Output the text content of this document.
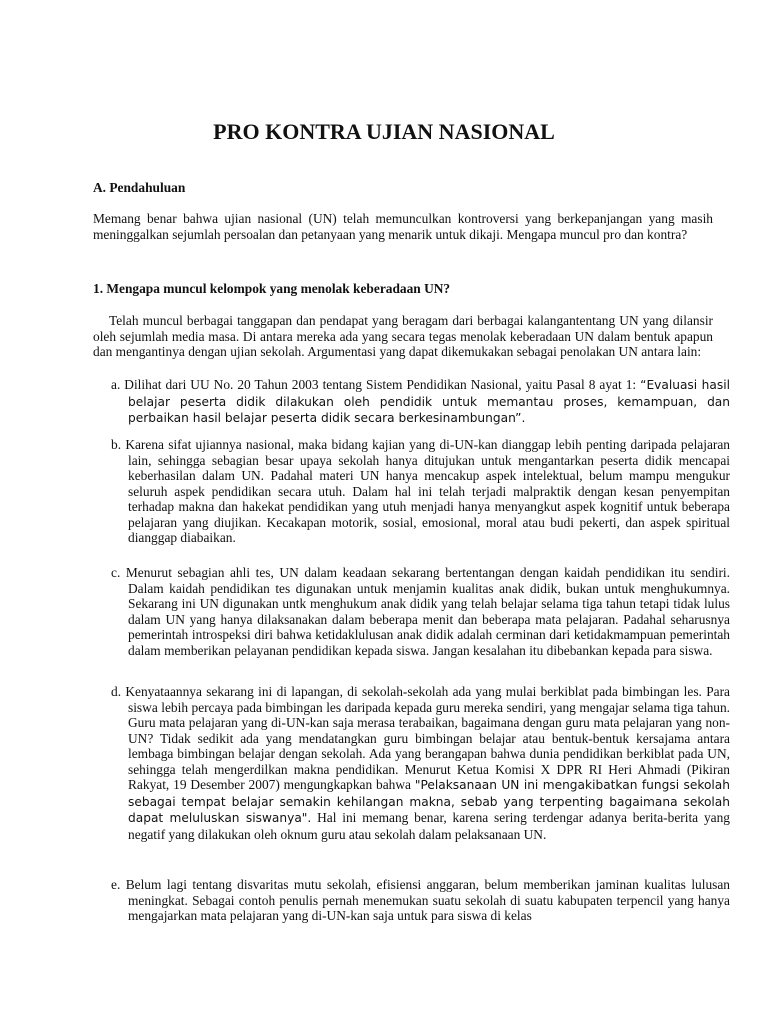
PRO KONTRA UJIAN NASIONAL
A. Pendahuluan
Memang benar bahwa ujian nasional (UN) telah memunculkan kontroversi yang berkepanjangan yang masih meninggalkan sejumlah persoalan dan petanyaan yang menarik untuk dikaji. Mengapa muncul pro dan kontra?
1. Mengapa muncul kelompok yang menolak keberadaan UN?
Telah muncul berbagai tanggapan dan pendapat yang beragam dari berbagai kalangantentang UN yang dilansir oleh sejumlah media masa. Di antara mereka ada yang secara tegas menolak keberadaan UN dalam bentuk apapun dan mengantinya dengan ujian sekolah. Argumentasi yang dapat dikemukakan sebagai penolakan UN antara lain:
a. Dilihat dari UU No. 20 Tahun 2003 tentang Sistem Pendidikan Nasional, yaitu Pasal 8 ayat 1: “Evaluasi hasil belajar peserta didik dilakukan oleh pendidik untuk memantau proses, kemampuan, dan perbaikan hasil belajar peserta didik secara berkesinambungan”.
b. Karena sifat ujiannya nasional, maka bidang kajian yang di-UN-kan dianggap lebih penting daripada pelajaran lain, sehingga sebagian besar upaya sekolah hanya ditujukan untuk mengantarkan peserta didik mencapai keberhasilan dalam UN. Padahal materi UN hanya mencakup aspek intelektual, belum mampu mengukur seluruh aspek pendidikan secara utuh. Dalam hal ini telah terjadi malpraktik dengan kesan penyempitan terhadap makna dan hakekat pendidikan yang utuh menjadi hanya menyangkut aspek kognitif untuk beberapa pelajaran yang diujikan. Kecakapan motorik, sosial, emosional, moral atau budi pekerti, dan aspek spiritual dianggap diabaikan.
c. Menurut sebagian ahli tes, UN dalam keadaan sekarang bertentangan dengan kaidah pendidikan itu sendiri. Dalam kaidah pendidikan tes digunakan untuk menjamin kualitas anak didik, bukan untuk menghukumnya. Sekarang ini UN digunakan untk menghukum anak didik yang telah belajar selama tiga tahun tetapi tidak lulus dalam UN yang hanya dilaksanakan dalam beberapa menit dan beberapa mata pelajaran. Padahal seharusnya pemerintah introspeksi diri bahwa ketidaklulusan anak didik adalah cerminan dari ketidakmampuan pemerintah dalam memberikan pelayanan pendidikan kepada siswa. Jangan kesalahan itu dibebankan kepada para siswa.
d. Kenyataannya sekarang ini di lapangan, di sekolah-sekolah ada yang mulai berkiblat pada bimbingan les. Para siswa lebih percaya pada bimbingan les daripada kepada guru mereka sendiri, yang mengajar selama tiga tahun. Guru mata pelajaran yang di-UN-kan saja merasa terabaikan, bagaimana dengan guru mata pelajaran yang non-UN? Tidak sedikit ada yang mendatangkan guru bimbingan belajar atau bentuk-bentuk kersajama antara lembaga bimbingan belajar dengan sekolah. Ada yang berangapan bahwa dunia pendidikan berkiblat pada UN, sehingga telah mengerdilkan makna pendidikan. Menurut Ketua Komisi X DPR RI Heri Ahmadi (Pikiran Rakyat, 19 Desember 2007) mengungkapkan bahwa "Pelaksanaan UN ini mengakibatkan fungsi sekolah sebagai tempat belajar semakin kehilangan makna, sebab yang terpenting bagaimana sekolah dapat meluluskan siswanya". Hal ini memang benar, karena sering terdengar adanya berita-berita yang negatif yang dilakukan oleh oknum guru atau sekolah dalam pelaksanaan UN.
e. Belum lagi tentang disvaritas mutu sekolah, efisiensi anggaran, belum memberikan jaminan kualitas lulusan meningkat. Sebagai contoh penulis pernah menemukan suatu sekolah di suatu kabupaten terpencil yang hanya mengajarkan mata pelajaran yang di-UN-kan saja untuk para siswa di kelas
